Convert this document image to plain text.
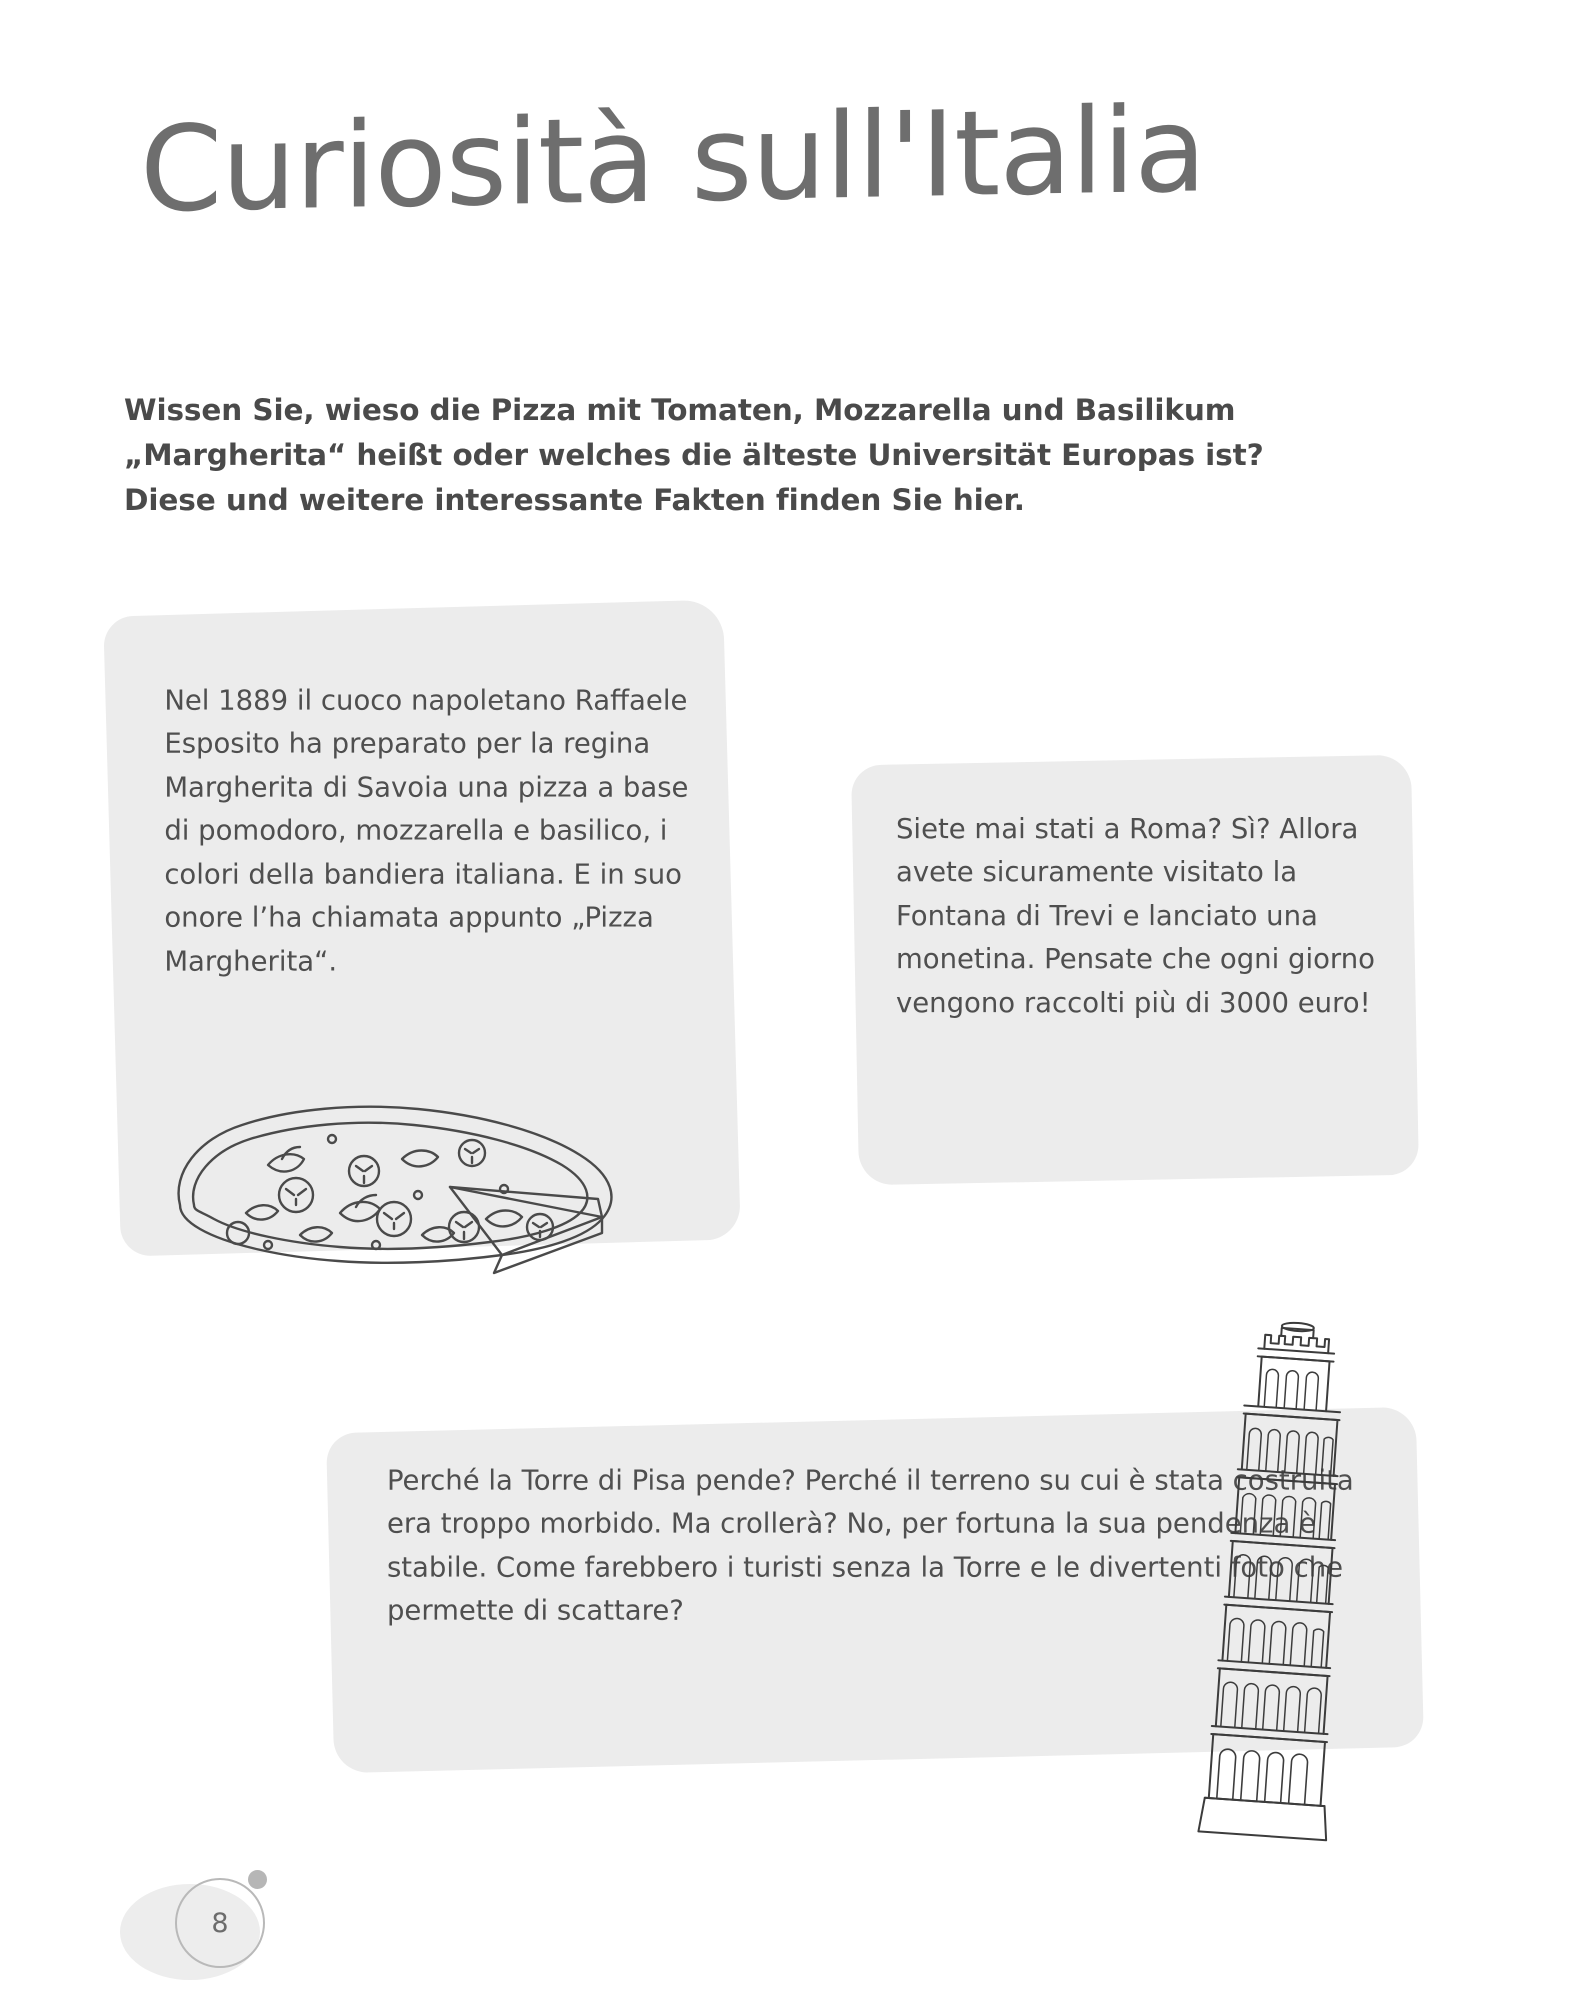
Curiosità sull'Italia
Wissen Sie, wieso die Pizza mit Tomaten, Mozzarella und Basilikum „Margherita“ heißt oder welches die älteste Universität Europas ist? Diese und weitere interessante Fakten finden Sie hier.
Nel 1889 il cuoco napoletano Raffaele Esposito ha preparato per la regina Margherita di Savoia una pizza a base di pomodoro, mozzarella e basilico, i colori della bandiera italiana. E in suo onore l’ha chiamata appunto „Pizza Margherita“.
Siete mai stati a Roma? Sì? Allora avete sicuramente visitato la Fontana di Trevi e lanciato una monetina. Pensate che ogni giorno vengono raccolti più di 3000 euro!
Perché la Torre di Pisa pende? Perché il terreno su cui è stata costruita era troppo morbido. Ma crollerà? No, per fortuna la sua pendenza è stabile. Come farebbero i turisti senza la Torre e le divertenti foto che permette di scattare?
8
